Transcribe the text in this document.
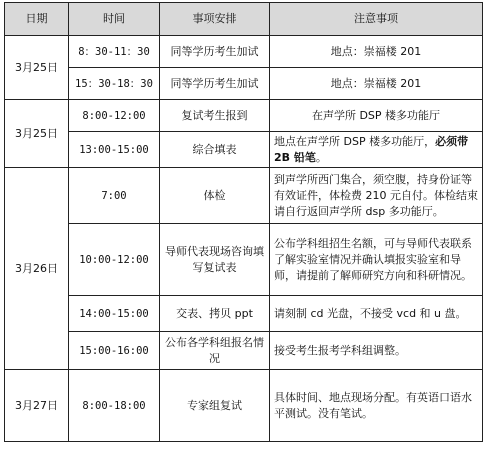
日期	时间	事项安排	注意事项
3月25日	8：30-11：30	同等学历考生加试	地点：崇福楼 201
	15：30-18：30	同等学历考生加试	地点：崇福楼 201
3月25日	8:00-12:00	复试考生报到	在声学所 DSP 楼多功能厅
	13:00-15:00	综合填表	地点在声学所 DSP 楼多功能厅，必须带 2B 铅笔。
3月26日	7:00	体检	到声学所西门集合，须空腹，持身份证等有效证件，体检费 210 元自付。体检结束请自行返回声学所 dsp 多功能厅。
	10:00-12:00	导师代表现场咨询填写复试表	公布学科组招生名额，可与导师代表联系了解实验室情况并确认填报实验室和导师，请提前了解师研究方向和科研情况。
	14:00-15:00	交表、拷贝 ppt	请刻制 cd 光盘，不接受 vcd 和 u 盘。
	15:00-16:00	公布各学科组报名情况	接受考生报考学科组调整。
3月27日	8:00-18:00	专家组复试	具体时间、地点现场分配。有英语口语水平测试。没有笔试。
